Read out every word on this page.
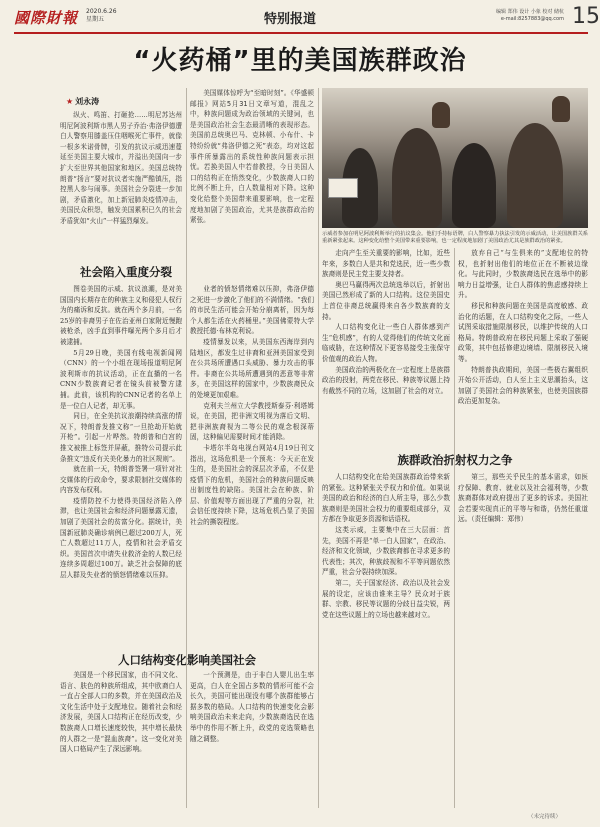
國際財報	2020.6.26
星期五	特别报道	编辑 郑伟 设计 小象 校对 储杭
e-mail:8257883@qq.com 15
“火药桶”里的美国族群政治
★ 刘永涛

纵火、鸣笛、打砸抢……明尼苏达州明尼阿波利斯市黑人男子乔治·弗洛伊德遭白人警察用膝盖压住咽喉死亡事件，就像一根多米诺骨牌，引发的抗议示威迅速蔓延至美国主要大城市，并溢出美国向一步扩大至世界其他国家和地区。美国总统特朗普“扬言”要对抗议者实施严酷镇压，指控黑人参与闹事。美国社会分裂进一步加剧，矛盾激化，加上新冠肺炎疫情冲击，美国民众积怨，触发美国累积已久的社会矛盾犹如“火山”一样猛烈爆发。

美国媒体惊呼为“至暗时刻”。《华盛顿邮报》网站5月31日文章写道，混乱之中，种族问题成为政治领域的关键词，也是美国政治社会生态最清晰的表现形态。美国前总统奥巴马、克林顿、小布什、卡特纷纷就“弗洛伊德之死”表态，均对这起事件所暴露出的系统性种族问题表示担忧。若换美国人中若普教授，今日美国人口的结构正在悄然变化，少数族裔人口的比例不断上升，白人数量相对下降。这种变化给整个美国带来重要影响，也一定程度地加剧了美国政治，尤其是族群政治的紧张。

示威者参加在明尼阿波利斯举行的抗议集会。他们手持标语牌，白人警察暴力执法引发的示威活动，让美国族群关系重新紧张起来。这种变化给整个美国带来重要影响，也一定程度地加剧了美国政治尤其是族群政治的紧张。
社会陷入重度分裂

图卷美国的示威、抗议浪潮，是对美国国内长期存在的种族主义和侵犯人权行为的痛诉和反抗。就在两个多月前，一名25岁的非裔男子在佐治亚州白家附近慢跑被枪杀，凶手直到事件曝光两个多月后才被逮捕。

5月29日晚，美国有线电视新闻网（CNN）的一个小组在现场报道明尼阿波利斯市的抗议活动，正在直播的一名CNN少数族裔记者在镜头前被警方逮捕。此前，该机构的CNN记者的名单上是一位白人记者，却无事。

同日，在全美抗议浪潮持续高涨的情况下，特朗普发推文称“一旦抢劫开始就开枪”。引起一片哗然。特朗普和白宫的推文被推上标签并屏蔽，推特公司提示此条推文“违反有关美化暴力的社区规则”。

就在前一天，特朗普签署一项针对社交媒体的行政命令，要求限制社交媒体的内容发布权利。

疫情防控不力使得美国经济陷入停滞，也让美国社会和经济问题暴露无遗，加剧了美国社会的贫富分化。据统计，美国新冠肺炎确诊病例已超过200万人，死亡人数超过11万人，疫情和社会矛盾交织。美国首次申请失业救济金的人数已经连续多周超过100万。缺乏社会保障的底层人群及失业者的愤怒情绪难以压抑。

业者的愤怒情绪难以压抑，弗洛伊德之死进一步激化了他们的不满情绪。“我们的市民生活可能会开始分崩离析，因为每个人都生活在火药桶里。”美国佛蒙特大学教授托德·布林克利说。

疫情暴发以来，从美国东西海岸到内陆地区，都发生过非裔和亚洲美国家受到在公共场所遭遇口头威胁、暴力攻击的事件。非裔在公共场所遭遇到的恶意等非常多，在美国这样的国家中，少数族裔民众的处境更加艰难。

克利夫兰州立大学教授斯泰芬·利塔姆说，在美国，把非洲文明视为落后文明、把非洲族裔视为二等公民的观念根深蒂固，这种偏见需要时间才能消除。

卡塔尔半岛电视台网站4月19日刊文指出，这场危机是一个预兆：今天正在发生的，是美国社会的深层次矛盾，不仅是疫情下的危机，美国社会的种族问题反映出制度性的缺陷。美国社会在种族、阶层、价值观等方面出现了严重的分裂，社会信任度持续下降，这场危机凸显了美国社会的撕裂程度。

人口结构变化影响美国社会

美国是一个移民国家，由不同文化、语言、肤色的种族所组成，其中欧裔白人一直占全部人口的多数，并在美国政治及文化生活中处于支配地位。随着社会和经济发展，美国人口结构正在经历改变，少数族裔人口增长速度较快，其中增长最快的人群之一是“混血族裔”。这一变化对美国人口格局产生了深远影响。

一个预测是，由于非白人婴儿出生率更高，白人在全国占多数的情形可能不会长久，美国可能出现没有哪个族群能够占据多数的格局。人口结构的快速变化会影响美国政治未来走向，少数族裔选民在选举中的作用不断上升，政党的竞选策略也随之调整。

走向产生至关重要的影响，比如，近些年来，多数白人是共和党选民，近一些少数族裔则是民主党主要支持者。

奥巴马赢得两次总统选举以后，折射出美国已然形成了新的人口结构。这位美国史上首位非裔总统赢得来自各少数族裔的支持。

人口结构变化让一些白人群体感到产生“危机感”，有的人觉得他们的传统文化面临威胁，在这种情况下更容易接受主张保守价值观的政治人物。

美国政治的两极化在一定程度上是族群政治的投射，两党在移民、种族等议题上持有截然不同的立场，这加剧了社会的对立。

放弃自己“与生俱来的”支配地位的特权，也折射出他们的地位正在不断被边缘化。与此同时，少数族裔选民在选举中的影响力日益增强，让白人群体的焦虑感持续上升。

移民和种族问题在美国是高度敏感、政治化的话题，在人口结构变化之际，一些人试图采取措施限制移民，以维护传统的人口格局。特朗普政府在移民问题上采取了强硬政策，其中包括修建边境墙、限制移民入境等。

特朗普执政期间，美国一些极右翼组织开始公开活动，白人至上主义思潮抬头，这加剧了美国社会的种族紧张，也使美国族群政治更加复杂。

族群政治折射权力之争

人口结构变化在给美国族群政治带来新的紧张。这种紧张关乎权力和价值。如果说美国的政治和经济的白人所主导，那么少数族裔则是美国社会权力的重要组成部分，双方都在争取更多资源和话语权。

这类示威，主要集中在三大层面：首先，美国不再是“单一白人国家”，在政治、经济和文化领域，少数族裔都在寻求更多的代表性；其次，种族歧视和不平等问题依然严重，社会分裂持续加深。

第二，关于国家经济、政治以及社会发展的设定，应该由谁来主导？民众对于族群、宗教、移民等议题的分歧日益尖锐，两党在这些议题上的立场也越来越对立。

第三，那些关乎民生的基本需求，如医疗保障、教育、就业以及社会福利等，少数族裔群体对政府提出了更多的诉求。美国社会若要实现真正的平等与和谐，仍然任重道远。（责任编辑：郑伟）

（未完待续）
